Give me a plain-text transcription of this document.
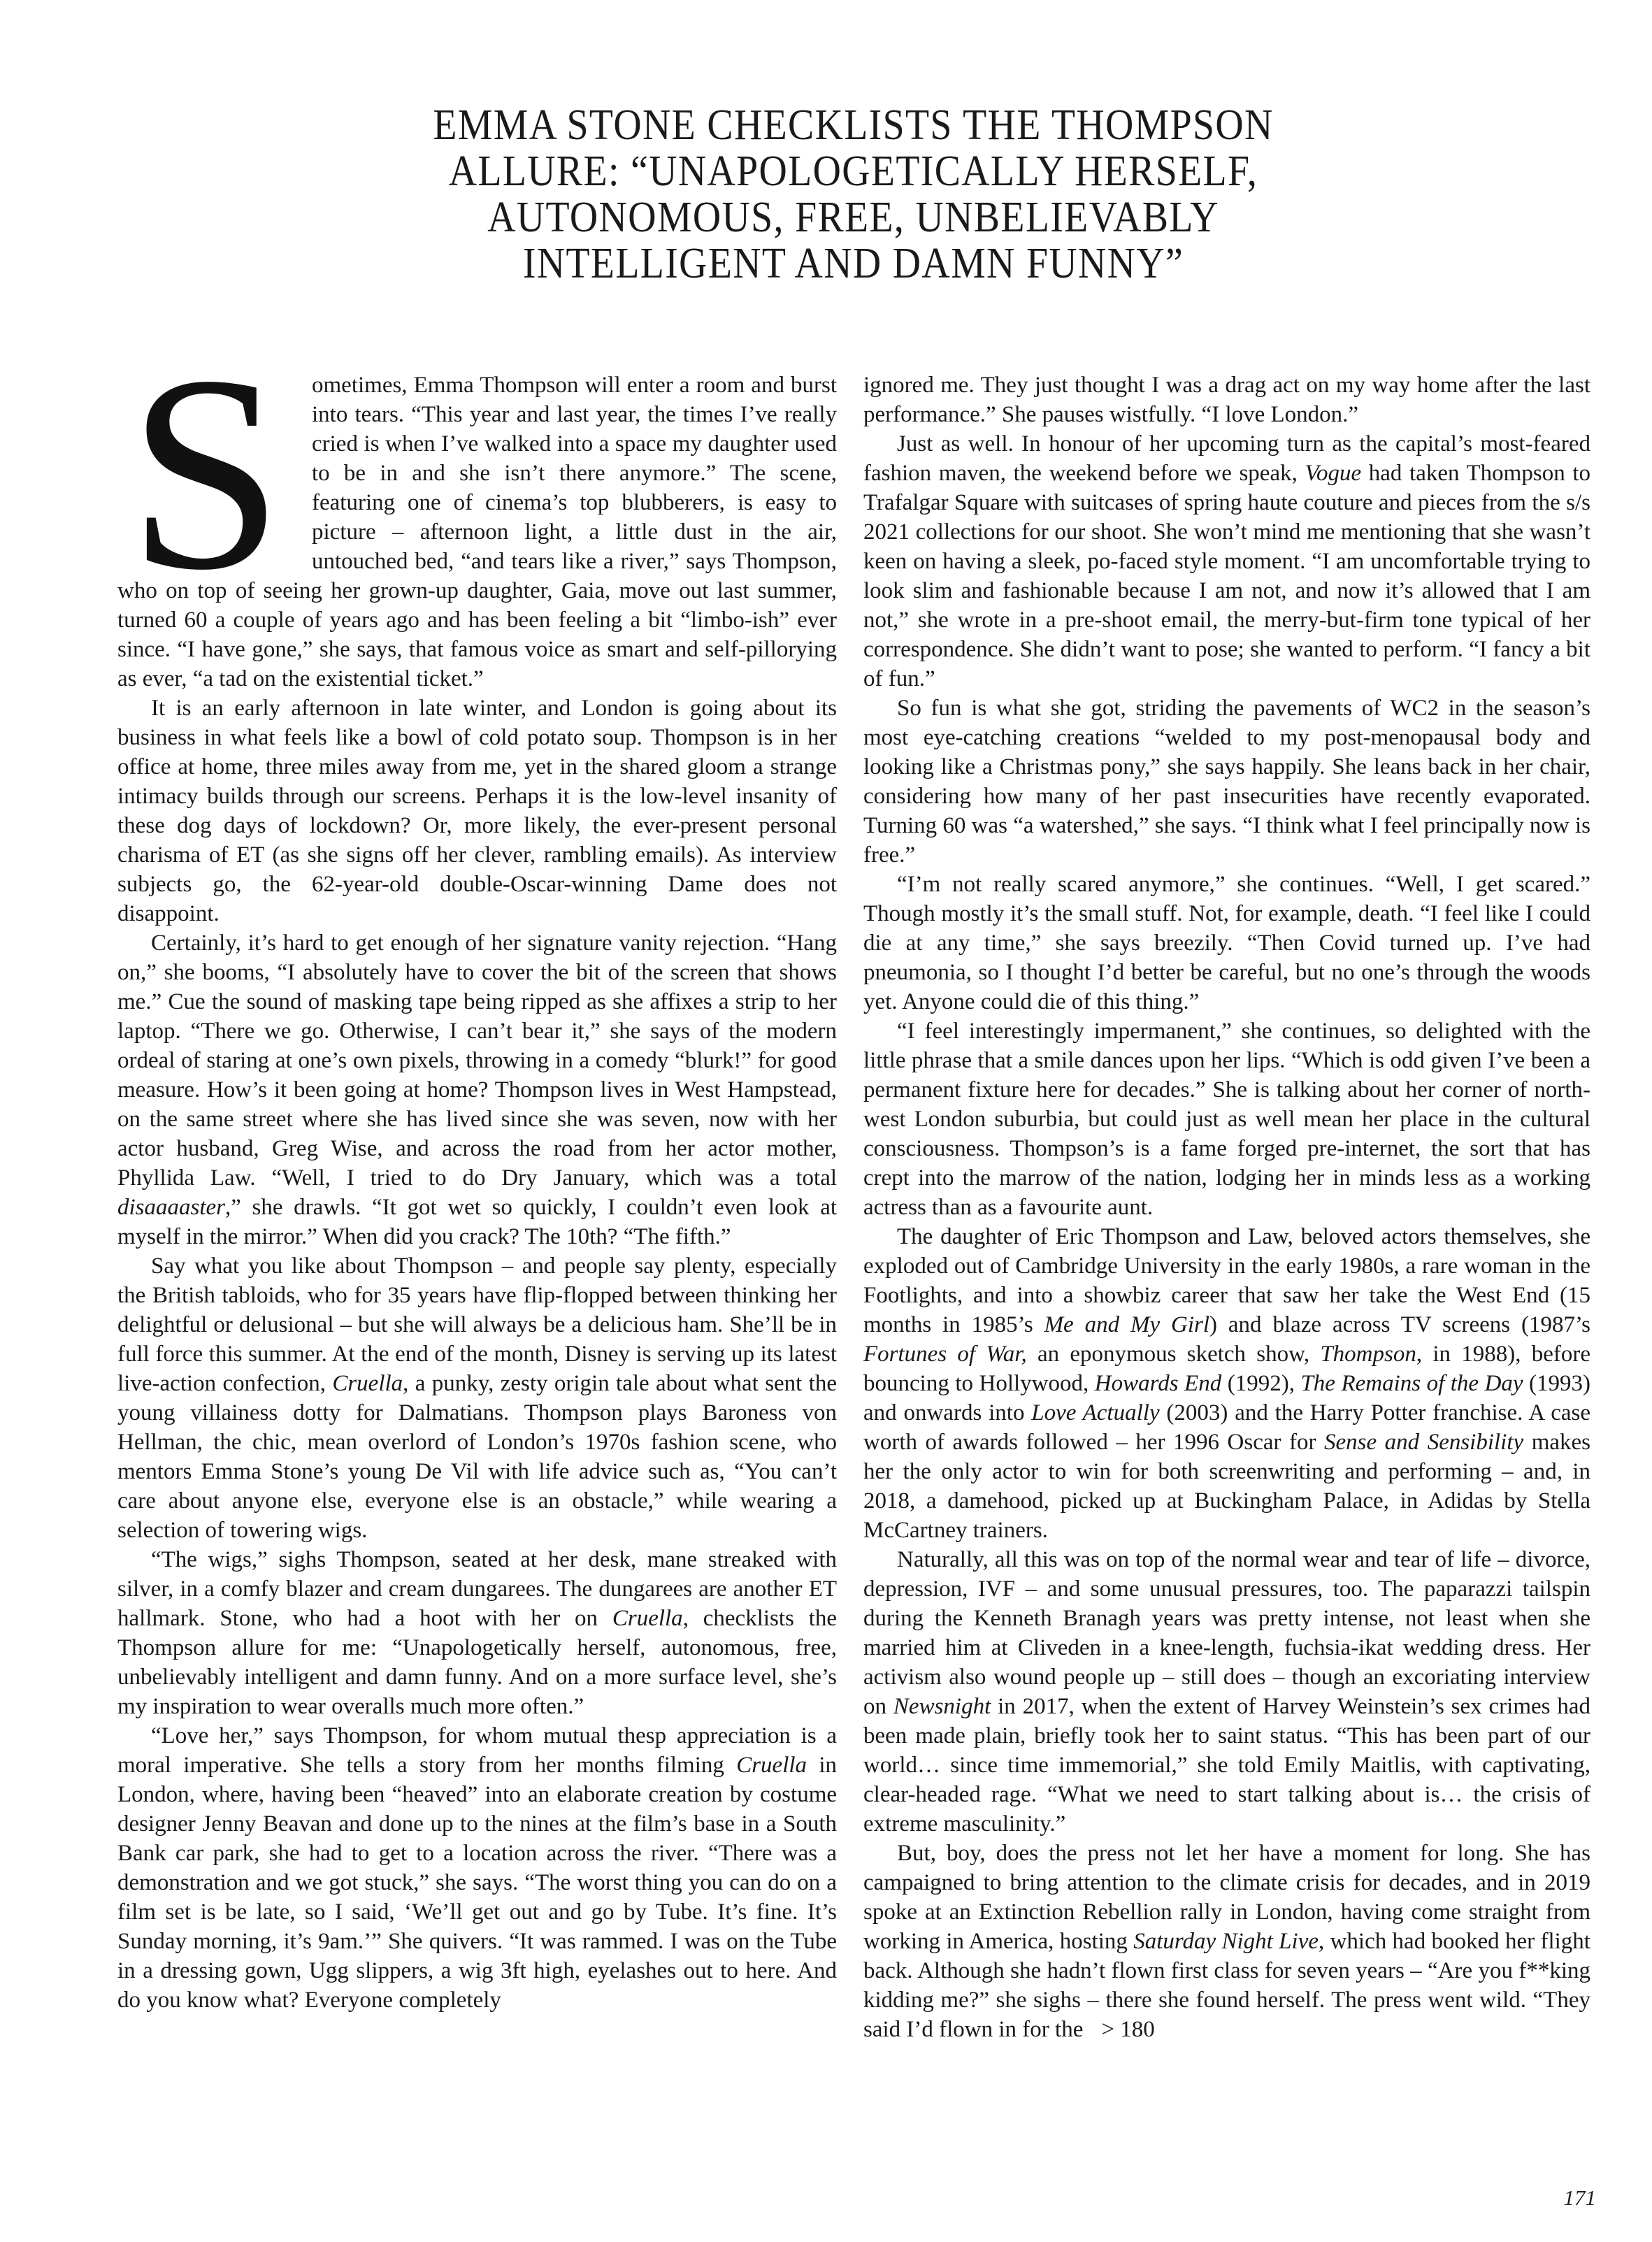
EMMA STONE CHECKLISTS THE THOMPSON
ALLURE: “UNAPOLOGETICALLY HERSELF,
AUTONOMOUS, FREE, UNBELIEVABLY
INTELLIGENT AND DAMN FUNNY”

S	ometimes, Emma Thompson will enter a room and burst into tears. “This year and last year, the times I’ve really cried is when I’ve walked into a space my daughter used to be in and she isn’t there anymore.” The scene, featuring one of cinema’s top blubberers, is easy to picture – afternoon light, a little dust in the air, untouched bed, “and tears like a river,” says Thompson, who on top of seeing her grown-up daughter, Gaia, move out last summer, turned 60 a couple of years ago and has been feeling a bit “limbo-ish” ever since. “I have gone,” she says, that famous voice as smart and self-pillorying as ever, “a tad on the existential ticket.”

It is an early afternoon in late winter, and London is going about its business in what feels like a bowl of cold potato soup. Thompson is in her office at home, three miles away from me, yet in the shared gloom a strange intimacy builds through our screens. Perhaps it is the low-level insanity of these dog days of lockdown? Or, more likely, the ever-present personal charisma of ET (as she signs off her clever, rambling emails). As interview subjects go, the 62-year-old double-Oscar-winning Dame does not disappoint.

Certainly, it’s hard to get enough of her signature vanity rejection. “Hang on,” she booms, “I absolutely have to cover the bit of the screen that shows me.” Cue the sound of masking tape being ripped as she affixes a strip to her laptop. “There we go. Otherwise, I can’t bear it,” she says of the modern ordeal of staring at one’s own pixels, throwing in a comedy “blurk!” for good measure. How’s it been going at home? Thompson lives in West Hampstead, on the same street where she has lived since she was seven, now with her actor husband, Greg Wise, and across the road from her actor mother, Phyllida Law. “Well, I tried to do Dry January, which was a total disaaaaster,” she drawls. “It got wet so quickly, I couldn’t even look at myself in the mirror.” When did you crack? The 10th? “The fifth.”

Say what you like about Thompson – and people say plenty, especially the British tabloids, who for 35 years have flip-flopped between thinking her delightful or delusional – but she will always be a delicious ham. She’ll be in full force this summer. At the end of the month, Disney is serving up its latest live-action confection, Cruella, a punky, zesty origin tale about what sent the young villainess dotty for Dalmatians. Thompson plays Baroness von Hellman, the chic, mean overlord of London’s 1970s fashion scene, who mentors Emma Stone’s young De Vil with life advice such as, “You can’t care about anyone else, everyone else is an obstacle,” while wearing a selection of towering wigs.

“The wigs,” sighs Thompson, seated at her desk, mane streaked with silver, in a comfy blazer and cream dungarees. The dungarees are another ET hallmark. Stone, who had a hoot with her on Cruella, checklists the Thompson allure for me: “Unapologetically herself, autonomous, free, unbelievably intelligent and damn funny. And on a more surface level, she’s my inspiration to wear overalls much more often.”

“Love her,” says Thompson, for whom mutual thesp appreciation is a moral imperative. She tells a story from her months filming Cruella in London, where, having been “heaved” into an elaborate creation by costume designer Jenny Beavan and done up to the nines at the film’s base in a South Bank car park, she had to get to a location across the river. “There was a demonstration and we got stuck,” she says. “The worst thing you can do on a film set is be late, so I said, ‘We’ll get out and go by Tube. It’s fine. It’s Sunday morning, it’s 9am.’” She quivers. “It was rammed. I was on the Tube in a dressing gown, Ugg slippers, a wig 3ft high, eyelashes out to here. And do you know what? Everyone completely

ignored me. They just thought I was a drag act on my way home after the last performance.” She pauses wistfully. “I love London.”

Just as well. In honour of her upcoming turn as the capital’s most-feared fashion maven, the weekend before we speak, Vogue had taken Thompson to Trafalgar Square with suitcases of spring haute couture and pieces from the s/s 2021 collections for our shoot. She won’t mind me mentioning that she wasn’t keen on having a sleek, po-faced style moment. “I am uncomfortable trying to look slim and fashionable because I am not, and now it’s allowed that I am not,” she wrote in a pre-shoot email, the merry-but-firm tone typical of her correspondence. She didn’t want to pose; she wanted to perform. “I fancy a bit of fun.”

So fun is what she got, striding the pavements of WC2 in the season’s most eye-catching creations “welded to my post-menopausal body and looking like a Christmas pony,” she says happily. She leans back in her chair, considering how many of her past insecurities have recently evaporated. Turning 60 was “a watershed,” she says. “I think what I feel principally now is free.”

“I’m not really scared anymore,” she continues. “Well, I get scared.” Though mostly it’s the small stuff. Not, for example, death. “I feel like I could die at any time,” she says breezily. “Then Covid turned up. I’ve had pneumonia, so I thought I’d better be careful, but no one’s through the woods yet. Anyone could die of this thing.”

“I feel interestingly impermanent,” she continues, so delighted with the little phrase that a smile dances upon her lips. “Which is odd given I’ve been a permanent fixture here for decades.” She is talking about her corner of north-west London suburbia, but could just as well mean her place in the cultural consciousness. Thompson’s is a fame forged pre-internet, the sort that has crept into the marrow of the nation, lodging her in minds less as a working actress than as a favourite aunt.

The daughter of Eric Thompson and Law, beloved actors themselves, she exploded out of Cambridge University in the early 1980s, a rare woman in the Footlights, and into a showbiz career that saw her take the West End (15 months in 1985’s Me and My Girl) and blaze across TV screens (1987’s Fortunes of War, an eponymous sketch show, Thompson, in 1988), before bouncing to Hollywood, Howards End (1992), The Remains of the Day (1993) and onwards into Love Actually (2003) and the Harry Potter franchise. A case worth of awards followed – her 1996 Oscar for Sense and Sensibility makes her the only actor to win for both screenwriting and performing – and, in 2018, a damehood, picked up at Buckingham Palace, in Adidas by Stella McCartney trainers.

Naturally, all this was on top of the normal wear and tear of life – divorce, depression, IVF – and some unusual pressures, too. The paparazzi tailspin during the Kenneth Branagh years was pretty intense, not least when she married him at Cliveden in a knee-length, fuchsia-ikat wedding dress. Her activism also wound people up – still does – though an excoriating interview on Newsnight in 2017, when the extent of Harvey Weinstein’s sex crimes had been made plain, briefly took her to saint status. “This has been part of our world… since time immemorial,” she told Emily Maitlis, with captivating, clear-headed rage. “What we need to start talking about is… the crisis of extreme masculinity.”

But, boy, does the press not let her have a moment for long. She has campaigned to bring attention to the climate crisis for decades, and in 2019 spoke at an Extinction Rebellion rally in London, having come straight from working in America, hosting Saturday Night Live, which had booked her flight back. Although she hadn’t flown first class for seven years – “Are you f**king kidding me?” she sighs – there she found herself. The press went wild. “They said I’d flown in for the > 180

171
